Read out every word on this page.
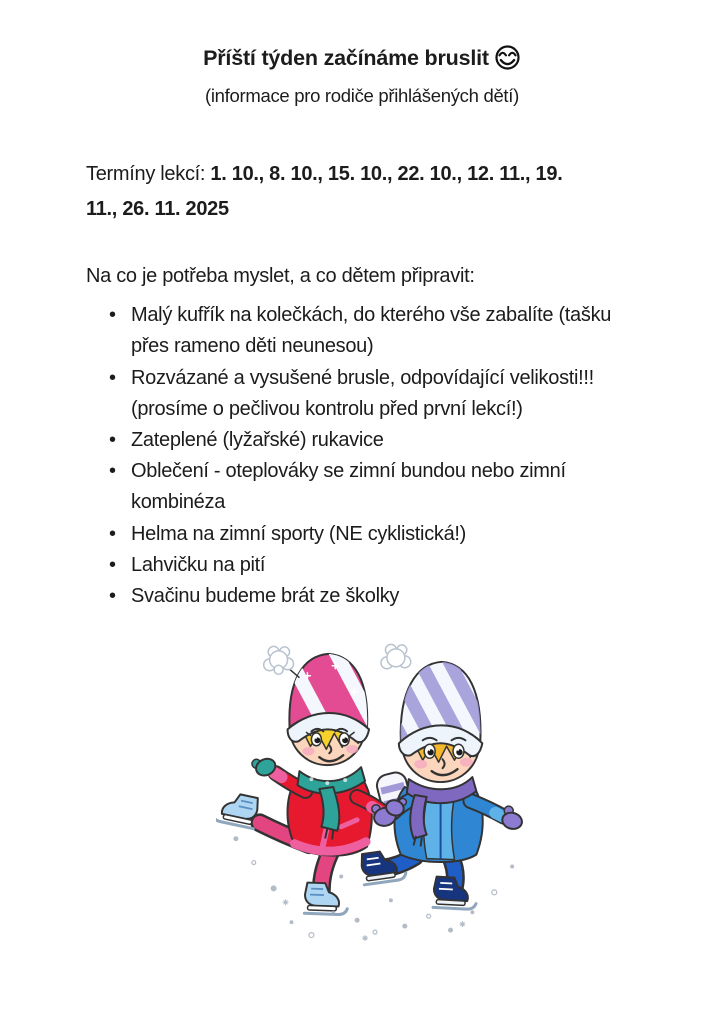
Příští týden začínáme bruslit
(informace pro rodiče přihlášených dětí)

Termíny lekcí: 1. 10., 8. 10., 15. 10., 22. 10., 12. 11., 19. 11., 26. 11. 2025

Na co je potřeba myslet, a co dětem připravit:

• Malý kufřík na kolečkách, do kterého vše zabalíte (tašku přes rameno děti neunesou)
• Rozvázané a vysušené brusle, odpovídající velikosti!!! (prosíme o pečlivou kontrolu před první lekcí!)
• Zateplené (lyžařské) rukavice
• Oblečení - oteplováky se zimní bundou nebo zimní kombinéza
• Helma na zimní sporty (NE cyklistická!)
• Lahvičku na pití
• Svačinu budeme brát ze školky
